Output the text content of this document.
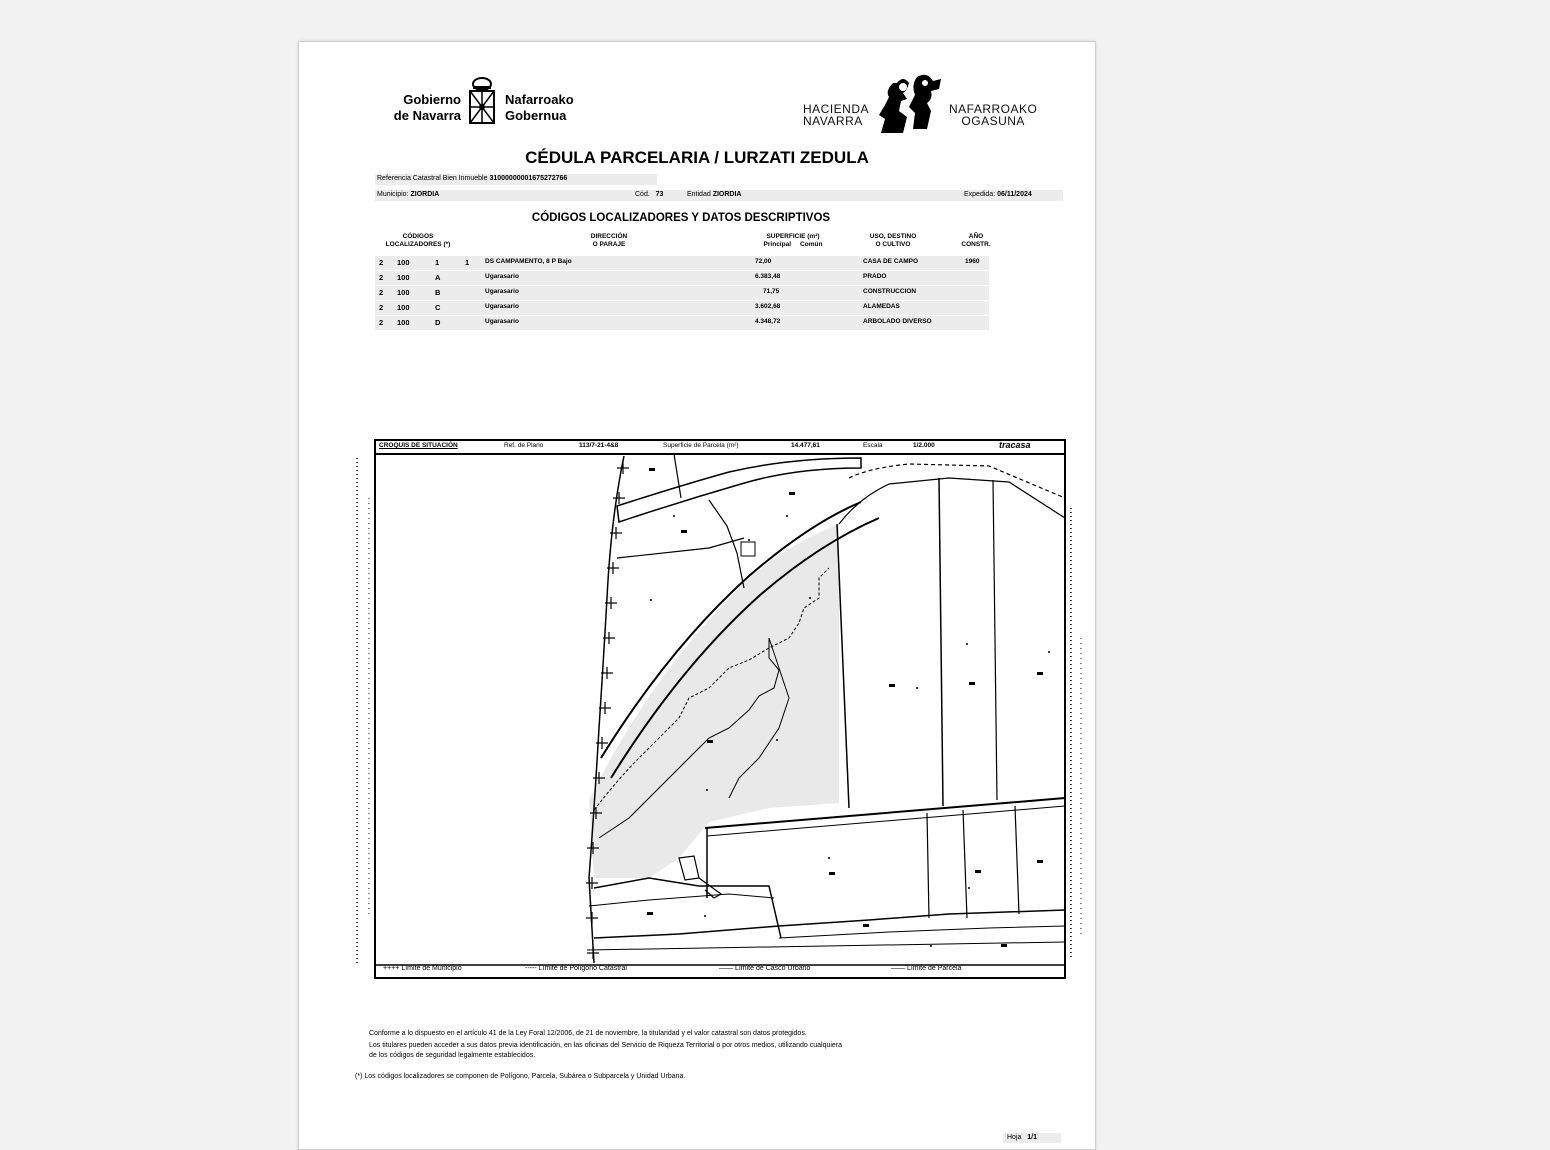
Gobierno
de Navarra
Nafarroako
Gobernua	HACIENDA
NAVARRA
NAFARROAKO
OGASUNA
CÉDULA PARCELARIA / LURZATI ZEDULA
Referencia Catastral Bien Inmueble 31000000001675272766
Municipio: ZIORDIA	Cód. 73	Entidad ZIORDIA	Expedida: 06/11/2024
CÓDIGOS LOCALIZADORES Y DATOS DESCRIPTIVOS
CÓDIGOS
LOCALIZADORES (*)
DIRECCIÓN
O PARAJE
SUPERFICIE (m²)
Principal Común
USO, DESTINO
O CULTIVO
AÑO
CONSTR.
2 100	1	1 DS CAMPAMENTO, 8 P Bajo	72,00	CASA DE CAMPO	1960
2 100	A	Ugarasario	6.383,48	PRADO
2 100	B	Ugarasario	71,75	CONSTRUCCION
2 100	C	Ugarasario	3.602,68	ALAMEDAS
2 100	D	Ugarasario	4.348,72	ARBOLADO DIVERSO
CROQUIS DE SITUACIÓN	Ref. de Plano	113/7-21-4&8	Superficie de Parcela (m²)	14.477,61	Escala	1/2.000	tracasa
++++ Límite de Municipio	----- Límite de Polígono Catastral	—— Límite de Casco Urbano	—— Límite de Parcela
Conforme a lo dispuesto en el artículo 41 de la Ley Foral 12/2006, de 21 de noviembre, la titularidad y el valor catastral son datos protegidos.
Los titulares pueden acceder a sus datos previa identificación, en las oficinas del Servicio de Riqueza Territorial o por otros medios, utilizando cualquiera
de los códigos de seguridad legalmente establecidos.
(*) Los códigos localizadores se componen de Polígono, Parcela, Subárea o Subparcela y Unidad Urbana.
Hoja 1/1
